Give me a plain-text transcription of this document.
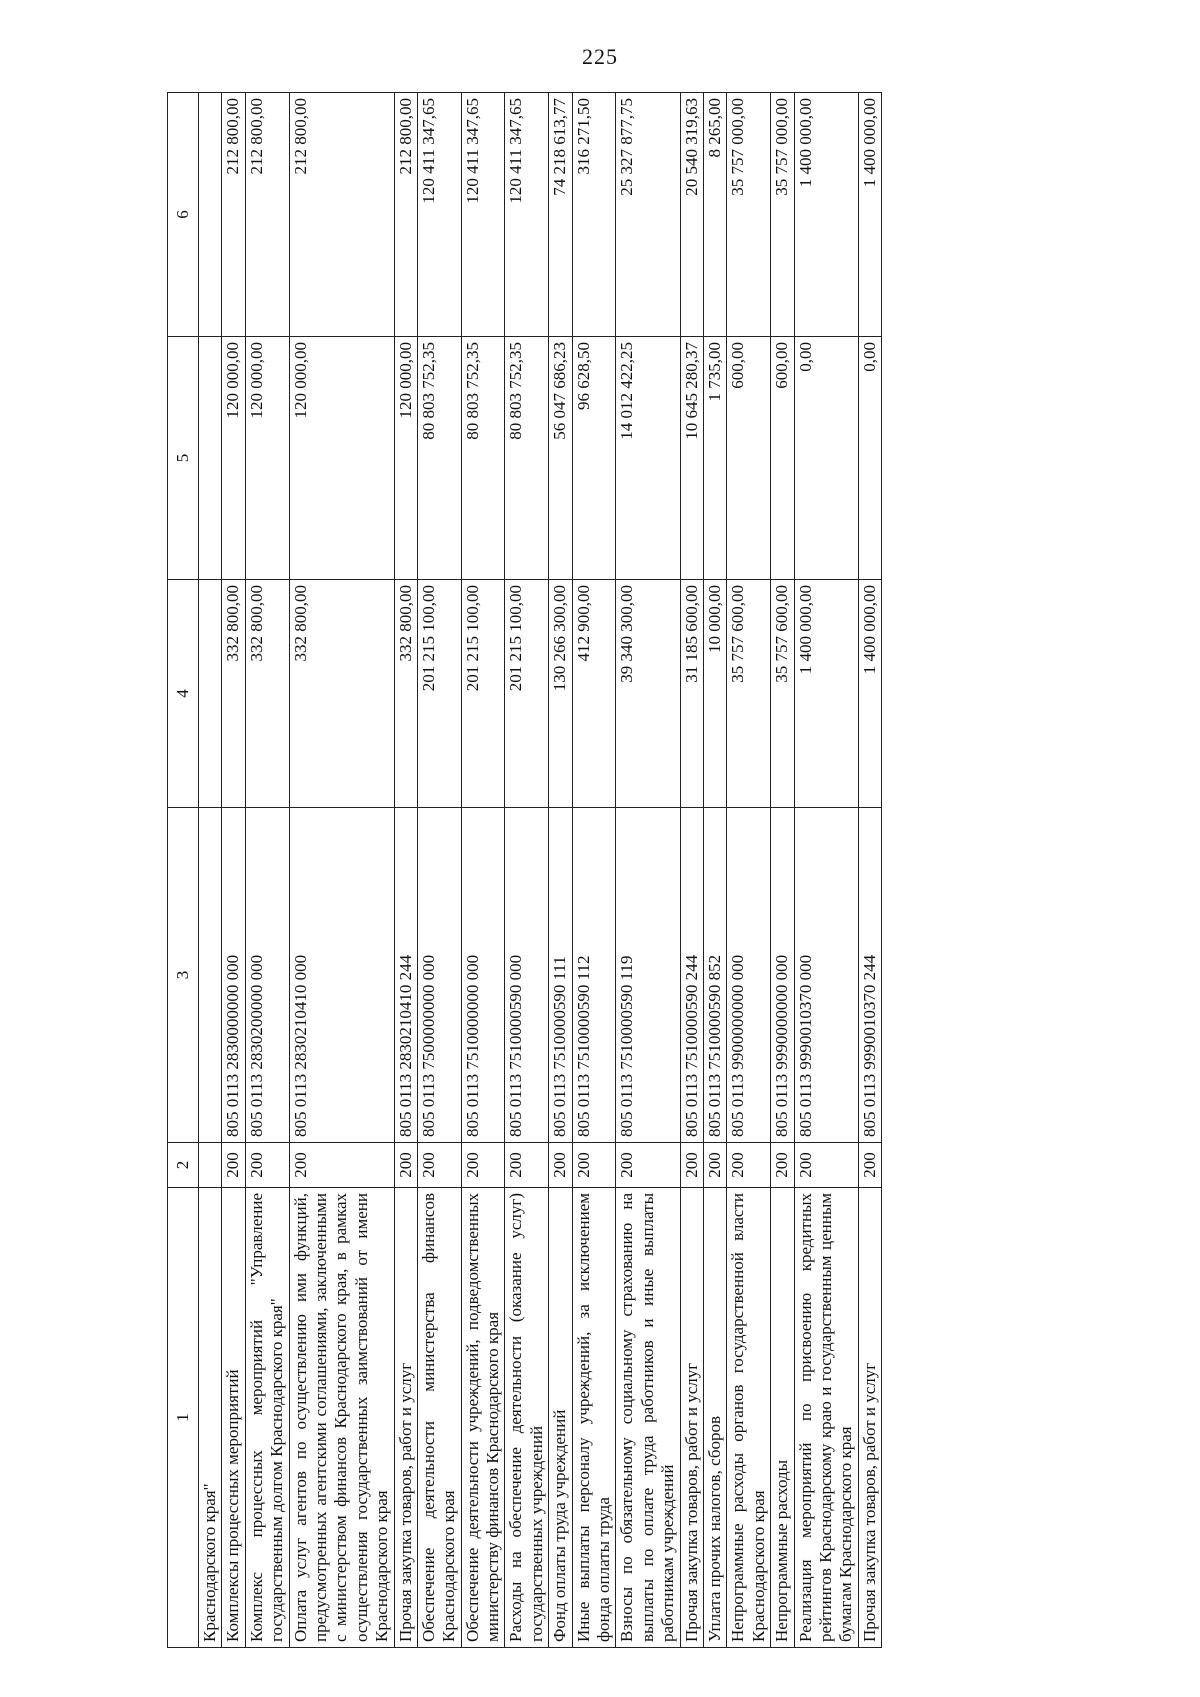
225
1	2	3	4	5	6
Краснодарского края"					
Комплексы процессных мероприятий	200	805 0113 2830000000 000	332 800,00	120 000,00	212 800,00
Комплекс процессных мероприятий "Управление государственным долгом Краснодарского края"	200	805 0113 2830200000 000	332 800,00	120 000,00	212 800,00
Оплата услуг агентов по осуществлению ими функций, предусмотренных агентскими соглашениями, заключенными с министерством финансов Краснодарского края, в рамках осуществления государственных заимствований от имени Краснодарского края	200	805 0113 2830210410 000	332 800,00	120 000,00	212 800,00
Прочая закупка товаров, работ и услуг	200	805 0113 2830210410 244	332 800,00	120 000,00	212 800,00
Обеспечение деятельности министерства финансов Краснодарского края	200	805 0113 7500000000 000	201 215 100,00	80 803 752,35	120 411 347,65
Обеспечение деятельности учреждений, подведомственных министерству финансов Краснодарского края	200	805 0113 7510000000 000	201 215 100,00	80 803 752,35	120 411 347,65
Расходы на обеспечение деятельности (оказание услуг) государственных учреждений	200	805 0113 7510000590 000	201 215 100,00	80 803 752,35	120 411 347,65
Фонд оплаты труда учреждений	200	805 0113 7510000590 111	130 266 300,00	56 047 686,23	74 218 613,77
Иные выплаты персоналу учреждений, за исключением фонда оплаты труда	200	805 0113 7510000590 112	412 900,00	96 628,50	316 271,50
Взносы по обязательному социальному страхованию на выплаты по оплате труда работников и иные выплаты работникам учреждений	200	805 0113 7510000590 119	39 340 300,00	14 012 422,25	25 327 877,75
Прочая закупка товаров, работ и услуг	200	805 0113 7510000590 244	31 185 600,00	10 645 280,37	20 540 319,63
Уплата прочих налогов, сборов	200	805 0113 7510000590 852	10 000,00	1 735,00	8 265,00
Непрограммные расходы органов государственной власти Краснодарского края	200	805 0113 9900000000 000	35 757 600,00	600,00	35 757 000,00
Непрограммные расходы	200	805 0113 9990000000 000	35 757 600,00	600,00	35 757 000,00
Реализация мероприятий по присвоению кредитных рейтингов Краснодарскому краю и государственным ценным бумагам Краснодарского края	200	805 0113 9990010370 000	1 400 000,00	0,00	1 400 000,00
Прочая закупка товаров, работ и услуг	200	805 0113 9990010370 244	1 400 000,00	0,00	1 400 000,00
